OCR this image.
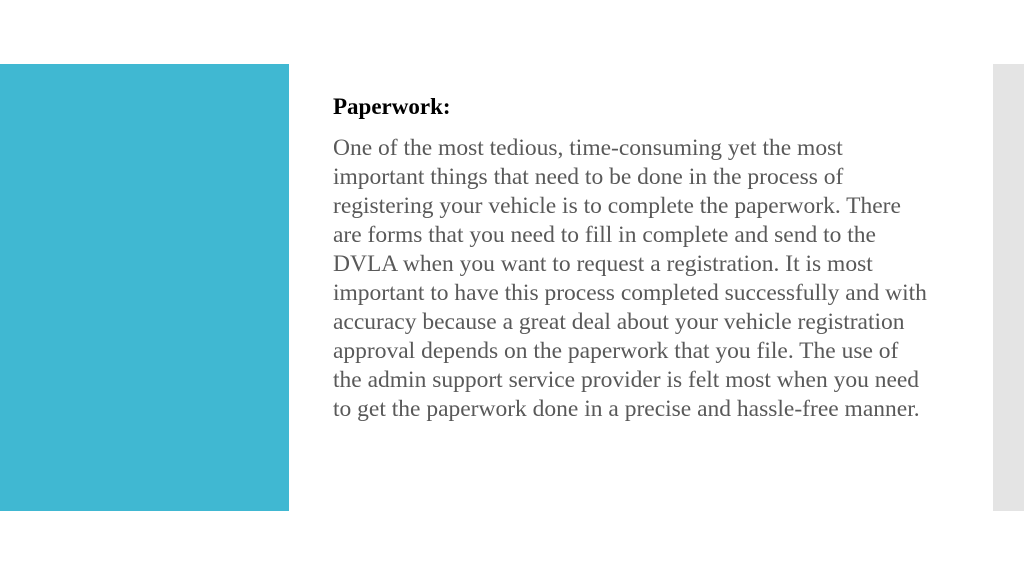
Paperwork:

One of the most tedious, time-consuming yet the most important things that need to be done in the process of registering your vehicle is to complete the paperwork. There are forms that you need to fill in complete and send to the DVLA when you want to request a registration. It is most important to have this process completed successfully and with accuracy because a great deal about your vehicle registration approval depends on the paperwork that you file. The use of the admin support service provider is felt most when you need to get the paperwork done in a precise and hassle-free manner.
